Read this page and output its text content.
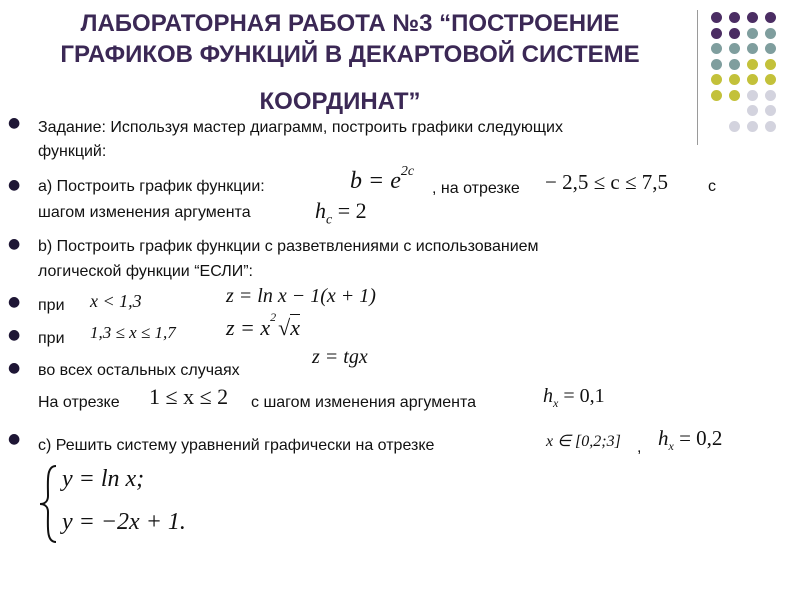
ЛАБОРАТОРНАЯ РАБОТА №3 “ПОСТРОЕНИЕ
ГРАФИКОВ ФУНКЦИЙ В ДЕКАРТОВОЙ СИСТЕМЕ
КООРДИНАТ”
●
●
●
●
●
●
●
Задание: Используя мастер диаграмм, построить графики следующих
функций:
а) Построить график функции:	$b = e^{2c}$
, на отрезке − 2,5 ≤ c ≤ 7,5	с
шагом изменения аргумента	$h_c = 2$
b) Построить график функции с разветвлениями с использованием
логической функции “ЕСЛИ”:
при x < 1,3	z = ln x − 1(x + 1)
при 1,3 ≤ x ≤ 1,7 $z = x^2√x$
во всех остальных случаях
z = tgx
На отрезке 1 ≤ x ≤ 2 с шагом изменения аргумента	$h_x = 0,1$
с) Решить систему уравнений графически на отрезке	x ∈ [0,2;3] , $h_x = 0,2$
y = ln x;
y = −2x + 1.
